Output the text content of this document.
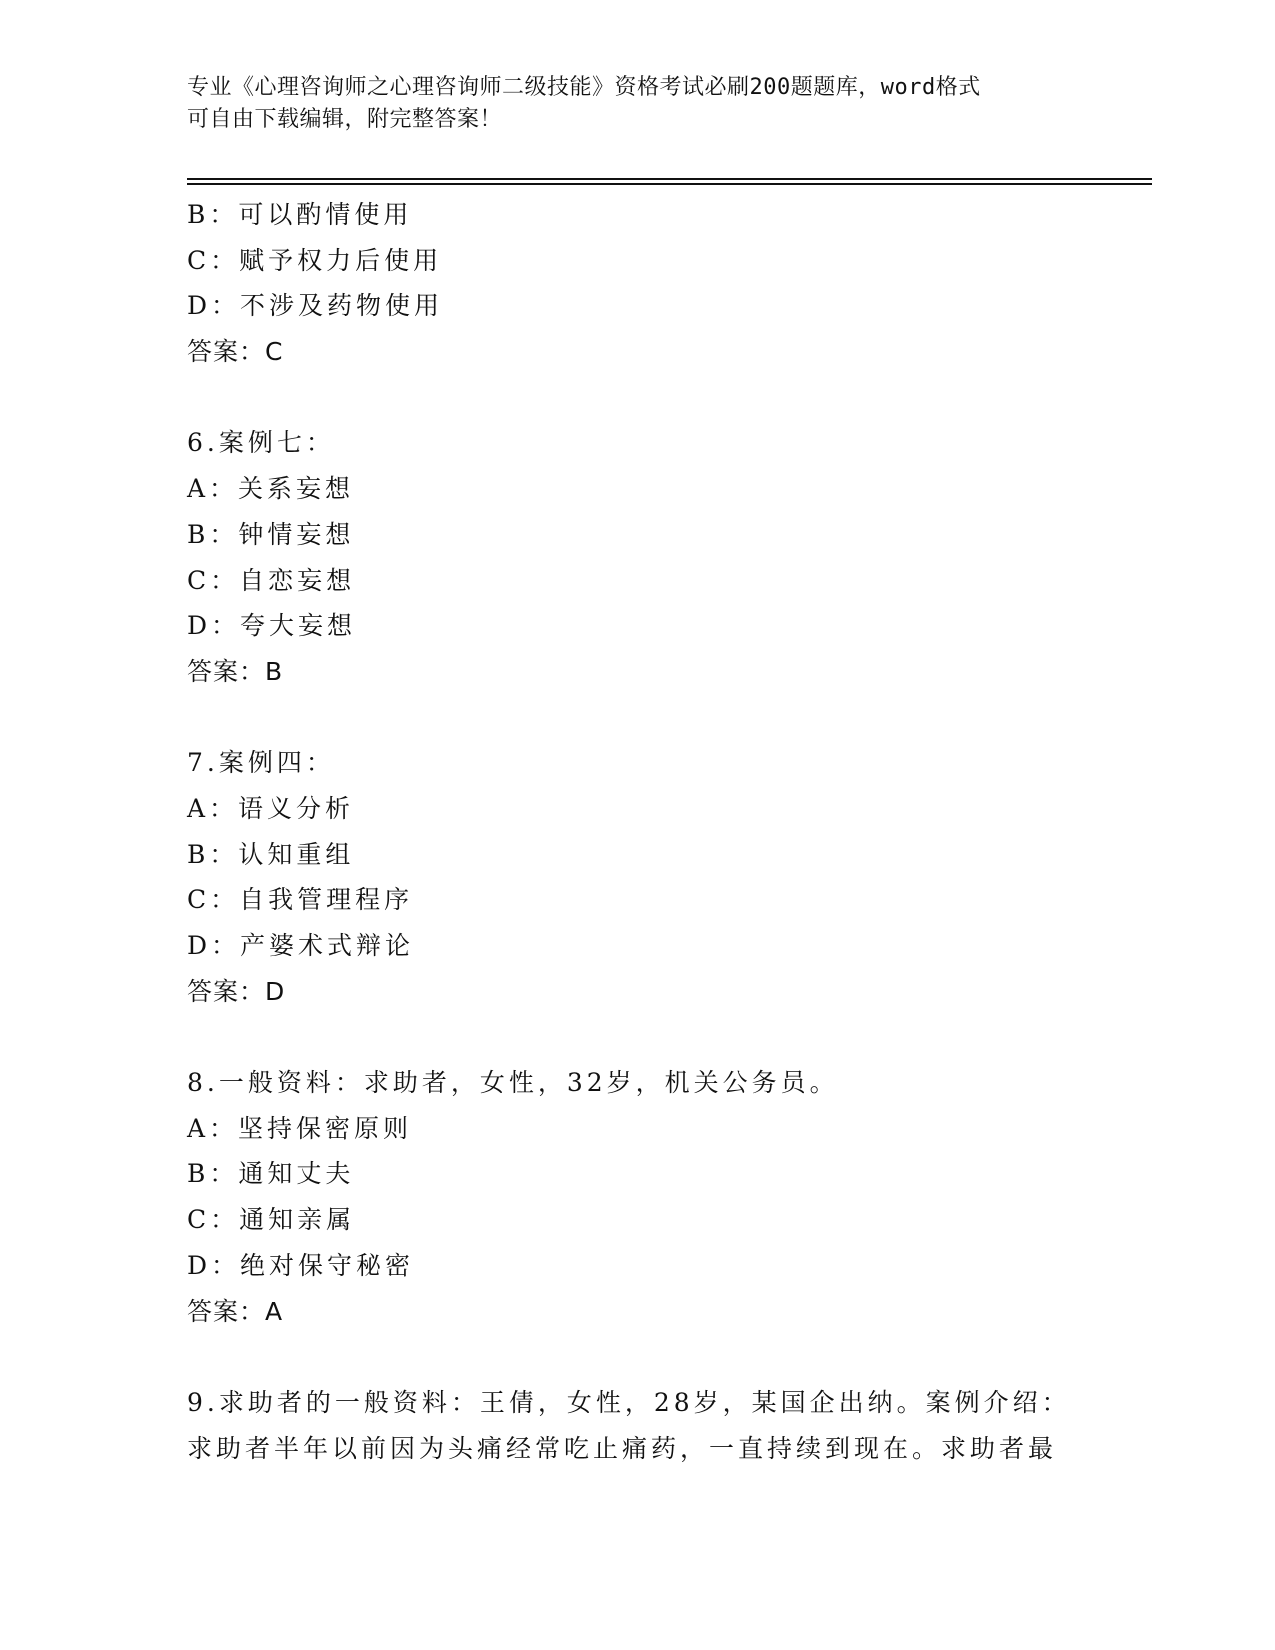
专业《心理咨询师之心理咨询师二级技能》资格考试必刷200题题库，word格式

可自由下载编辑，附完整答案！

B：可以酌情使用

C：赋予权力后使用

D：不涉及药物使用

答案：C

6.案例七：

A：关系妄想

B：钟情妄想

C：自恋妄想

D：夸大妄想

答案：B

7.案例四：

A：语义分析

B：认知重组

C：自我管理程序

D：产婆术式辩论

答案：D

8.一般资料：求助者，女性，32岁，机关公务员。

A：坚持保密原则

B：通知丈夫

C：通知亲属

D：绝对保守秘密

答案：A

9.求助者的一般资料：王倩，女性，28岁，某国企出纳。案例介绍：

求助者半年以前因为头痛经常吃止痛药，一直持续到现在。求助者最
